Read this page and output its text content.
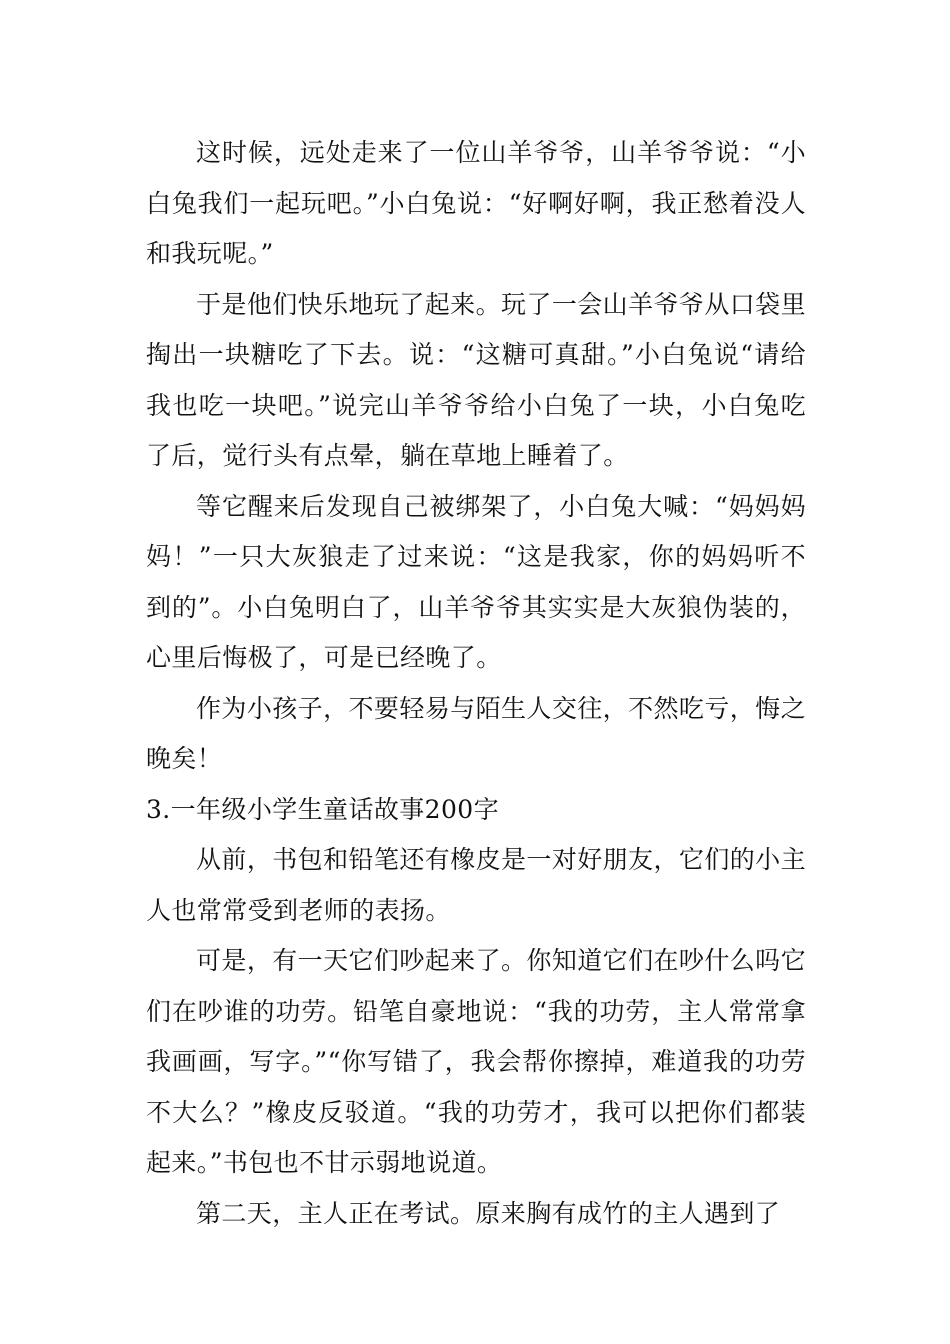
这时候，远处走来了一位山羊爷爷，山羊爷爷说：“小白兔我们一起玩吧。”小白兔说：“好啊好啊，我正愁着没人和我玩呢。”

于是他们快乐地玩了起来。玩了一会山羊爷爷从口袋里掏出一块糖吃了下去。说：“这糖可真甜。”小白兔说“请给我也吃一块吧。”说完山羊爷爷给小白兔了一块，小白兔吃了后，觉行头有点晕，躺在草地上睡着了。

等它醒来后发现自己被绑架了，小白兔大喊：“妈妈妈妈！”一只大灰狼走了过来说：“这是我家，你的妈妈听不到的”。小白兔明白了，山羊爷爷其实实是大灰狼伪装的，心里后悔极了，可是已经晚了。

作为小孩子，不要轻易与陌生人交往，不然吃亏，悔之晚矣！

3.一年级小学生童话故事200字

从前，书包和铅笔还有橡皮是一对好朋友，它们的小主人也常常受到老师的表扬。

可是，有一天它们吵起来了。你知道它们在吵什么吗它们在吵谁的功劳。铅笔自豪地说：“我的功劳，主人常常拿我画画，写字。”“你写错了，我会帮你擦掉，难道我的功劳不大么？”橡皮反驳道。“我的功劳才，我可以把你们都装起来。”书包也不甘示弱地说道。

第二天，主人正在考试。原来胸有成竹的主人遇到了
